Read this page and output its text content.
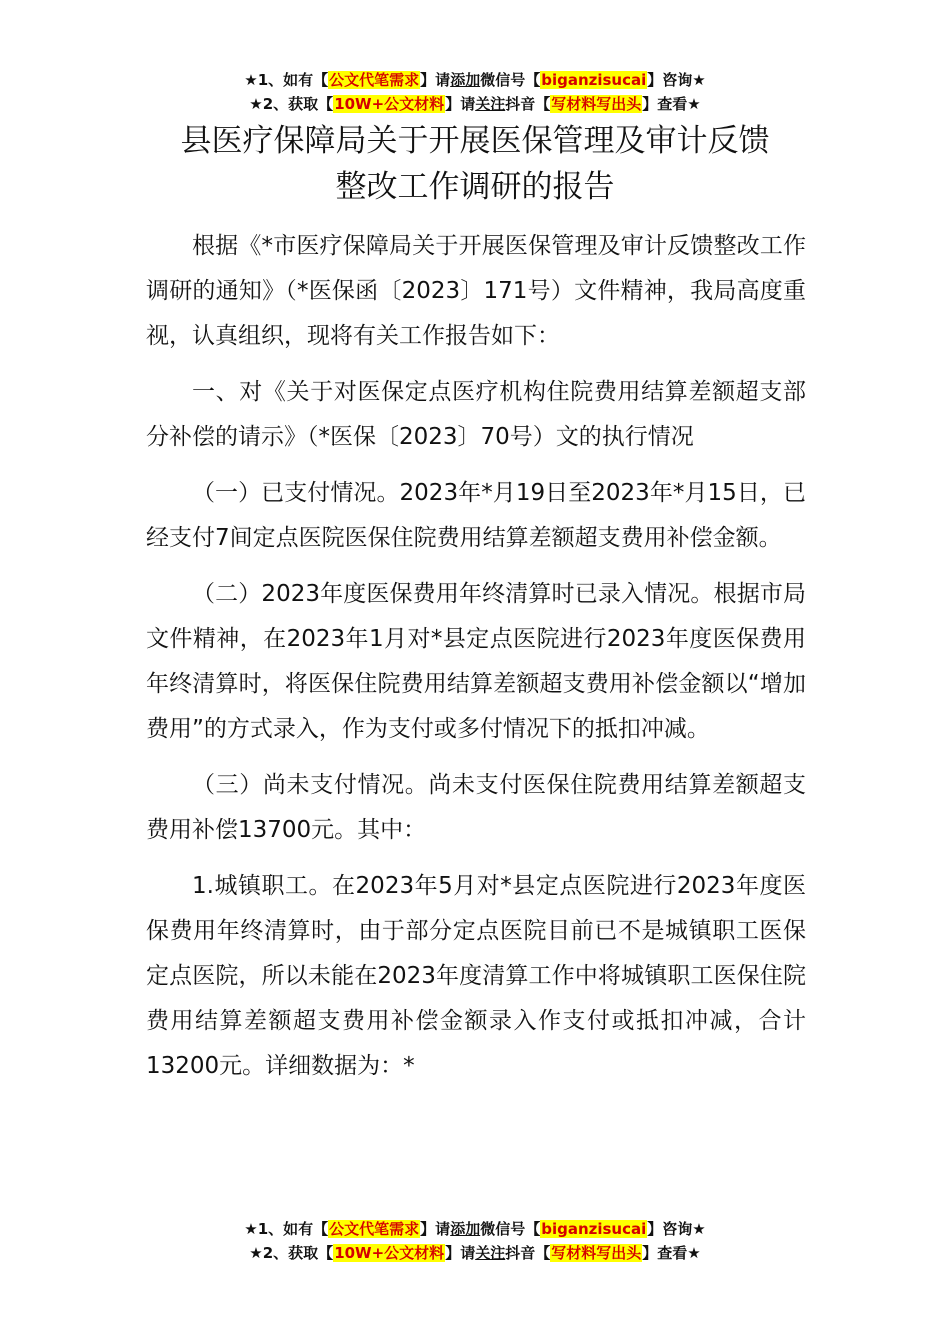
★1、如有【公文代笔需求】请添加微信号【biganzisucai】咨询★
★2、获取【10W+公文材料】请关注抖音【写材料写出头】查看★
县医疗保障局关于开展医保管理及审计反馈
整改工作调研的报告

根据《*市医疗保障局关于开展医保管理及审计反馈整改工作调研的通知》（*医保函〔2023〕171号）文件精神，我局高度重视，认真组织，现将有关工作报告如下：

一、对《关于对医保定点医疗机构住院费用结算差额超支部分补偿的请示》（*医保〔2023〕70号）文的执行情况

（一）已支付情况。2023年*月19日至2023年*月15日，已经支付7间定点医院医保住院费用结算差额超支费用补偿金额。

（二）2023年度医保费用年终清算时已录入情况。根据市局文件精神，在2023年1月对*县定点医院进行2023年度医保费用年终清算时，将医保住院费用结算差额超支费用补偿金额以“增加费用”的方式录入，作为支付或多付情况下的抵扣冲减。

（三）尚未支付情况。尚未支付医保住院费用结算差额超支费用补偿13700元。其中：

1.城镇职工。在2023年5月对*县定点医院进行2023年度医保费用年终清算时，由于部分定点医院目前已不是城镇职工医保定点医院，所以未能在2023年度清算工作中将城镇职工医保住院费用结算差额超支费用补偿金额录入作支付或抵扣冲减，合计13200元。详细数据为：*

★1、如有【公文代笔需求】请添加微信号【biganzisucai】咨询★
★2、获取【10W+公文材料】请关注抖音【写材料写出头】查看★
